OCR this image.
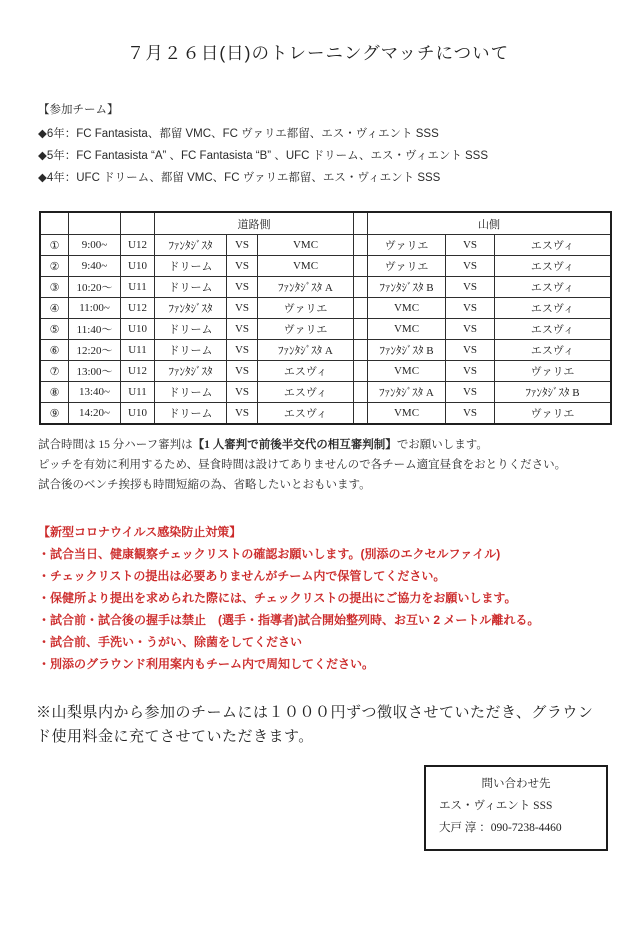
７月２６日(日)のトレーニングマッチについて
【参加チーム】
◆6年：FC Fantasista、都留 VMC、FC ヴァリエ都留、エス・ヴィエント SSS
◆5年：FC Fantasista “A” 、FC Fantasista “B” 、UFC ドリーム、エス・ヴィエント SSS
◆4年：UFC ドリーム、都留 VMC、FC ヴァリエ都留、エス・ヴィエント SSS
			道路側				山側		
①	9:00~	U12	ﾌｧﾝﾀｼﾞｽﾀ	VS	VMC		ヴァリエ	VS	エスヴィ
②	9:40~	U10	ドリーム	VS	VMC		ヴァリエ	VS	エスヴィ
③	10:20～	U11	ドリーム	VS	ﾌｧﾝﾀｼﾞｽﾀ A		ﾌｧﾝﾀｼﾞｽﾀ B	VS	エスヴィ
④	11:00~	U12	ﾌｧﾝﾀｼﾞｽﾀ	VS	ヴァリエ		VMC	VS	エスヴィ
⑤	11:40～	U10	ドリーム	VS	ヴァリエ		VMC	VS	エスヴィ
⑥	12:20～	U11	ドリーム	VS	ﾌｧﾝﾀｼﾞｽﾀ A		ﾌｧﾝﾀｼﾞｽﾀ B	VS	エスヴィ
⑦	13:00～	U12	ﾌｧﾝﾀｼﾞｽﾀ	VS	エスヴィ		VMC	VS	ヴァリエ
⑧	13:40~	U11	ドリーム	VS	エスヴィ		ﾌｧﾝﾀｼﾞｽﾀ A	VS	ﾌｧﾝﾀｼﾞｽﾀ B
⑨	14:20~	U10	ドリーム	VS	エスヴィ		VMC	VS	ヴァリエ
試合時間は 15 分ハーフ審判は【1 人審判で前後半交代の相互審判制】でお願いします。
ピッチを有効に利用するため、昼食時間は設けてありませんので各チーム適宜昼食をおとりください。
試合後のベンチ挨拶も時間短縮の為、省略したいとおもいます。
【新型コロナウイルス感染防止対策】
・試合当日、健康観察チェックリストの確認お願いします。(別添のエクセルファイル)
・チェックリストの提出は必要ありませんがチーム内で保管してください。
・保健所より提出を求められた際には、チェックリストの提出にご協力をお願いします。
・試合前・試合後の握手は禁止　(選手・指導者)試合開始整列時、お互い 2 メートル離れる。
・試合前、手洗い・うがい、除菌をしてください
・別添のグラウンド利用案内もチーム内で周知してください。
※山梨県内から参加のチームには１０００円ずつ徴収させていただき、グラウンド使用料金に充てさせていただきます。
問い合わせ先
エス・ヴィエント SSS
大戸 淳 ：090-7238-4460
